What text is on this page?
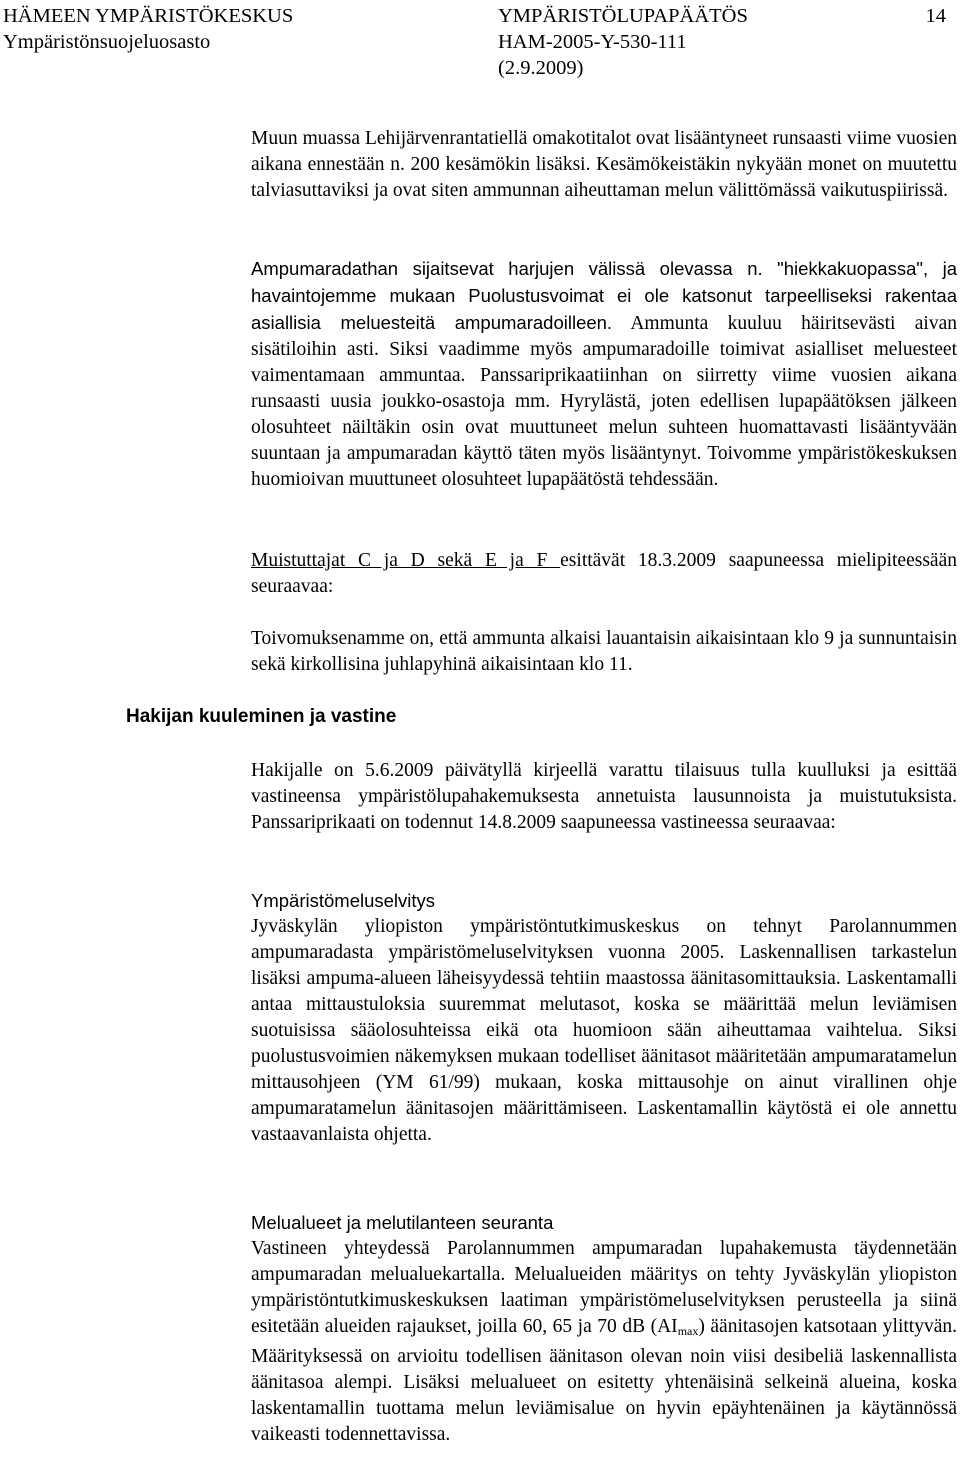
HÄMEEN YMPÄRISTÖKESKUS
Ympäristönsuojeluosasto
YMPÄRISTÖLUPAPÄÄTÖS
HAM-2005-Y-530-111
(2.9.2009)
14

Muun muassa Lehijärvenrantatiellä omakotitalot ovat lisääntyneet runsaasti viime vuosien aikana ennestään n. 200 kesämökin lisäksi. Kesämökeistäkin nykyään monet on muutettu talviasuttaviksi ja ovat siten ammunnan aiheuttaman melun välittömässä vaikutuspiirissä.

Ampumaradathan sijaitsevat harjujen välissä olevassa n. "hiekkakuopassa", ja havaintojemme mukaan Puolustusvoimat ei ole katsonut tarpeelliseksi rakentaa asiallisia meluesteitä ampumaradoilleen. Ammunta kuuluu häiritsevästi aivan sisätiloihin asti. Siksi vaadimme myös ampumaradoille toimivat asialliset meluesteet vaimentamaan ammuntaa. Panssariprikaatiinhan on siirretty viime vuosien aikana runsaasti uusia joukko-osastoja mm. Hyrylästä, joten edellisen lupapäätöksen jälkeen olosuhteet näiltäkin osin ovat muuttuneet melun suhteen huomattavasti lisääntyvään suuntaan ja ampumaradan käyttö täten myös lisääntynyt. Toivomme ympäristökeskuksen huomioivan muuttuneet olosuhteet lupapäätöstä tehdessään.

Muistuttajat C ja D sekä E ja F esittävät 18.3.2009 saapuneessa mielipiteessään seuraavaa:

Toivomuksenamme on, että ammunta alkaisi lauantaisin aikaisintaan klo 9 ja sunnuntaisin sekä kirkollisina juhlapyhinä aikaisintaan klo 11.

Hakijan kuuleminen ja vastine

Hakijalle on 5.6.2009 päivätyllä kirjeellä varattu tilaisuus tulla kuulluksi ja esittää vastineensa ympäristölupahakemuksesta annetuista lausunnoista ja muistutuksista. Panssariprikaati on todennut 14.8.2009 saapuneessa vastineessa seuraavaa:

Ympäristömeluselvitys

Jyväskylän yliopiston ympäristöntutkimuskeskus on tehnyt Parolannummen ampumaradasta ympäristömeluselvityksen vuonna 2005. Laskennallisen tarkastelun lisäksi ampuma-alueen läheisyydessä tehtiin maastossa äänitasomittauksia. Laskentamalli antaa mittaustuloksia suuremmat melutasot, koska se määrittää melun leviämisen suotuisissa sääolosuhteissa eikä ota huomioon sään aiheuttamaa vaihtelua. Siksi puolustusvoimien näkemyksen mukaan todelliset äänitasot määritetään ampumaratamelun mittausohjeen (YM 61/99) mukaan, koska mittausohje on ainut virallinen ohje ampumaratamelun äänitasojen määrittämiseen. Laskentamallin käytöstä ei ole annettu vastaavanlaista ohjetta.

Melualueet ja melutilanteen seuranta

Vastineen yhteydessä Parolannummen ampumaradan lupahakemusta täydennetään ampumaradan melualuekartalla. Melualueiden määritys on tehty Jyväskylän yliopiston ympäristöntutkimuskeskuksen laatiman ympäristömeluselvityksen perusteella ja siinä esitetään alueiden rajaukset, joilla 60, 65 ja 70 dB $(AI_{max})$ äänitasojen katsotaan ylittyvän. Määrityksessä on arvioitu todellisen äänitason olevan noin viisi desibeliä laskennallista äänitasoa alempi. Lisäksi melualueet on esitetty yhtenäisinä selkeinä alueina, koska laskentamallin tuottama melun leviämisalue on hyvin epäyhtenäinen ja käytännössä vaikeasti todennettavissa.
